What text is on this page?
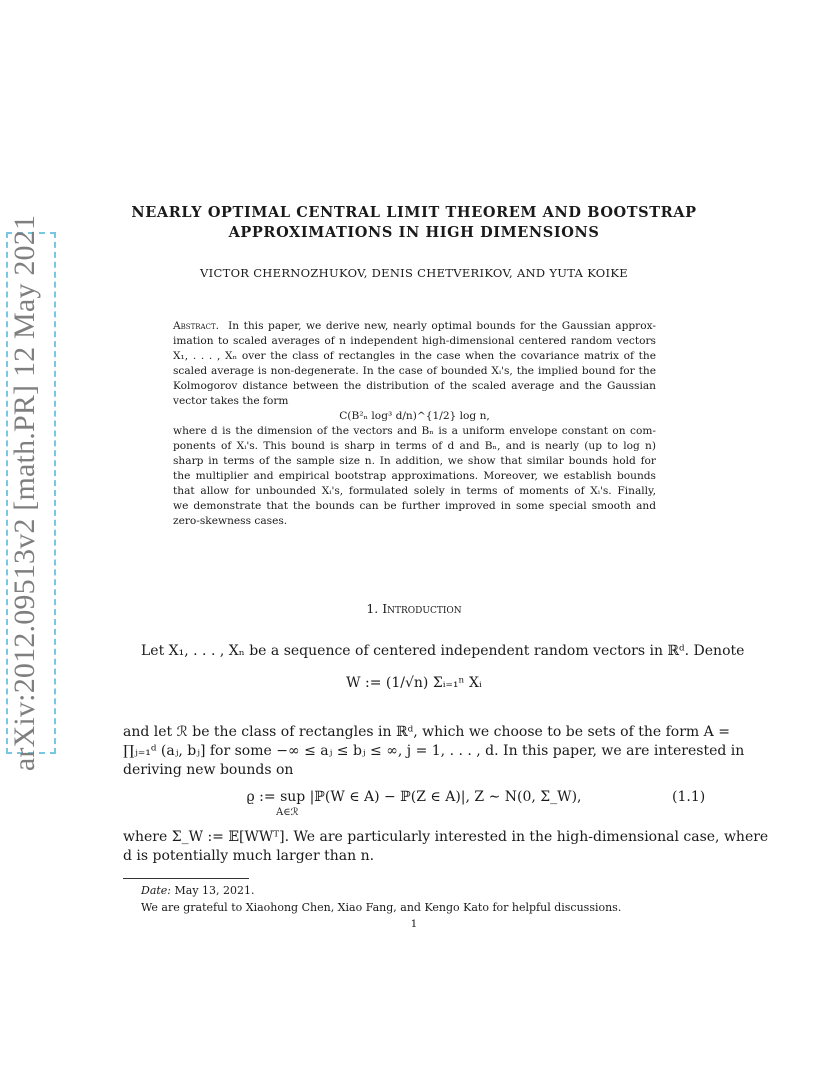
arXiv:2012.09513v2 [math.PR] 12 May 2021
NEARLY OPTIMAL CENTRAL LIMIT THEOREM AND BOOTSTRAP
APPROXIMATIONS IN HIGH DIMENSIONS
VICTOR CHERNOZHUKOV, DENIS CHETVERIKOV, AND YUTA KOIKE
Abstract. In this paper, we derive new, nearly optimal bounds for the Gaussian approx-
imation to scaled averages of n independent high-dimensional centered random vectors
X₁, . . . , Xₙ over the class of rectangles in the case when the covariance matrix of the
scaled average is non-degenerate. In the case of bounded Xᵢ's, the implied bound for the
Kolmogorov distance between the distribution of the scaled average and the Gaussian
vector takes the form
C(B²ₙ log³ d/n)^{1/2} log n,
where d is the dimension of the vectors and Bₙ is a uniform envelope constant on com-
ponents of Xᵢ's. This bound is sharp in terms of d and Bₙ, and is nearly (up to log n)
sharp in terms of the sample size n. In addition, we show that similar bounds hold for
the multiplier and empirical bootstrap approximations. Moreover, we establish bounds
that allow for unbounded Xᵢ's, formulated solely in terms of moments of Xᵢ's. Finally,
we demonstrate that the bounds can be further improved in some special smooth and
zero-skewness cases.
1. Introduction
Let X₁, . . . , Xₙ be a sequence of centered independent random vectors in ℝᵈ. Denote
W := (1/√n) Σᵢ₌₁ⁿ Xᵢ
and let ℛ be the class of rectangles in ℝᵈ, which we choose to be sets of the form A =
∏ⱼ₌₁ᵈ (aⱼ, bⱼ] for some −∞ ≤ aⱼ ≤ bⱼ ≤ ∞, j = 1, . . . , d. In this paper, we are interested in
deriving new bounds on
ϱ := sup |ℙ(W ∈ A) − ℙ(Z ∈ A)|, Z ∼ N(0, Σ_W),
A∈ℛ
(1.1)
where Σ_W := 𝔼[WWᵀ]. We are particularly interested in the high-dimensional case, where
d is potentially much larger than n.
Date: May 13, 2021.
We are grateful to Xiaohong Chen, Xiao Fang, and Kengo Kato for helpful discussions.
1
